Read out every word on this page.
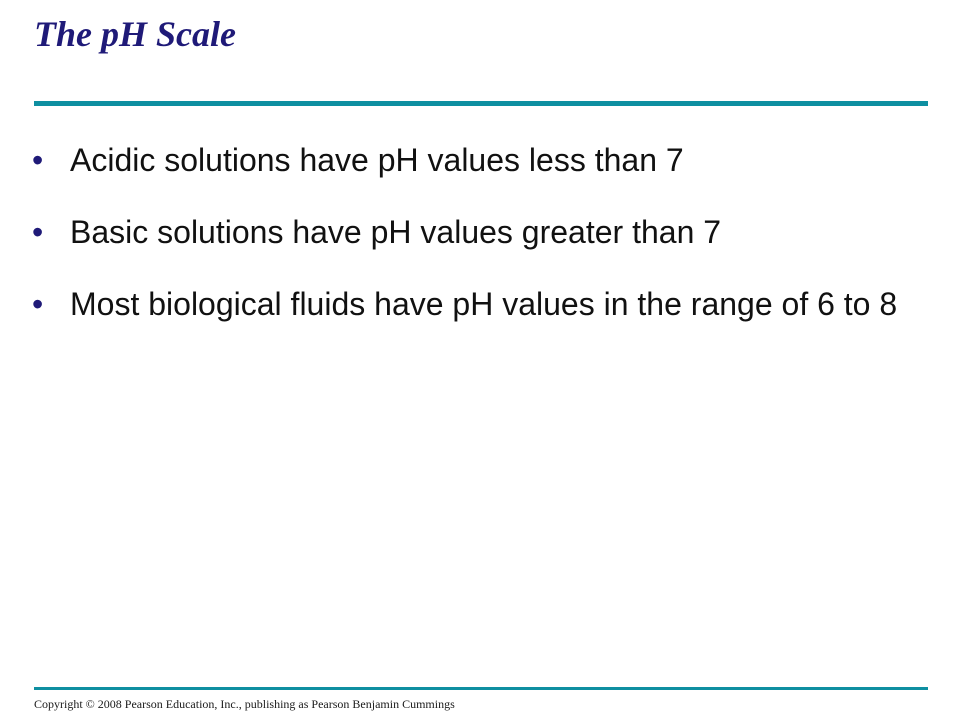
The pH Scale
• Acidic solutions have pH values less than 7
• Basic solutions have pH values greater than 7
• Most biological fluids have pH values in the range of 6 to 8

Copyright © 2008 Pearson Education, Inc., publishing as Pearson Benjamin Cummings
